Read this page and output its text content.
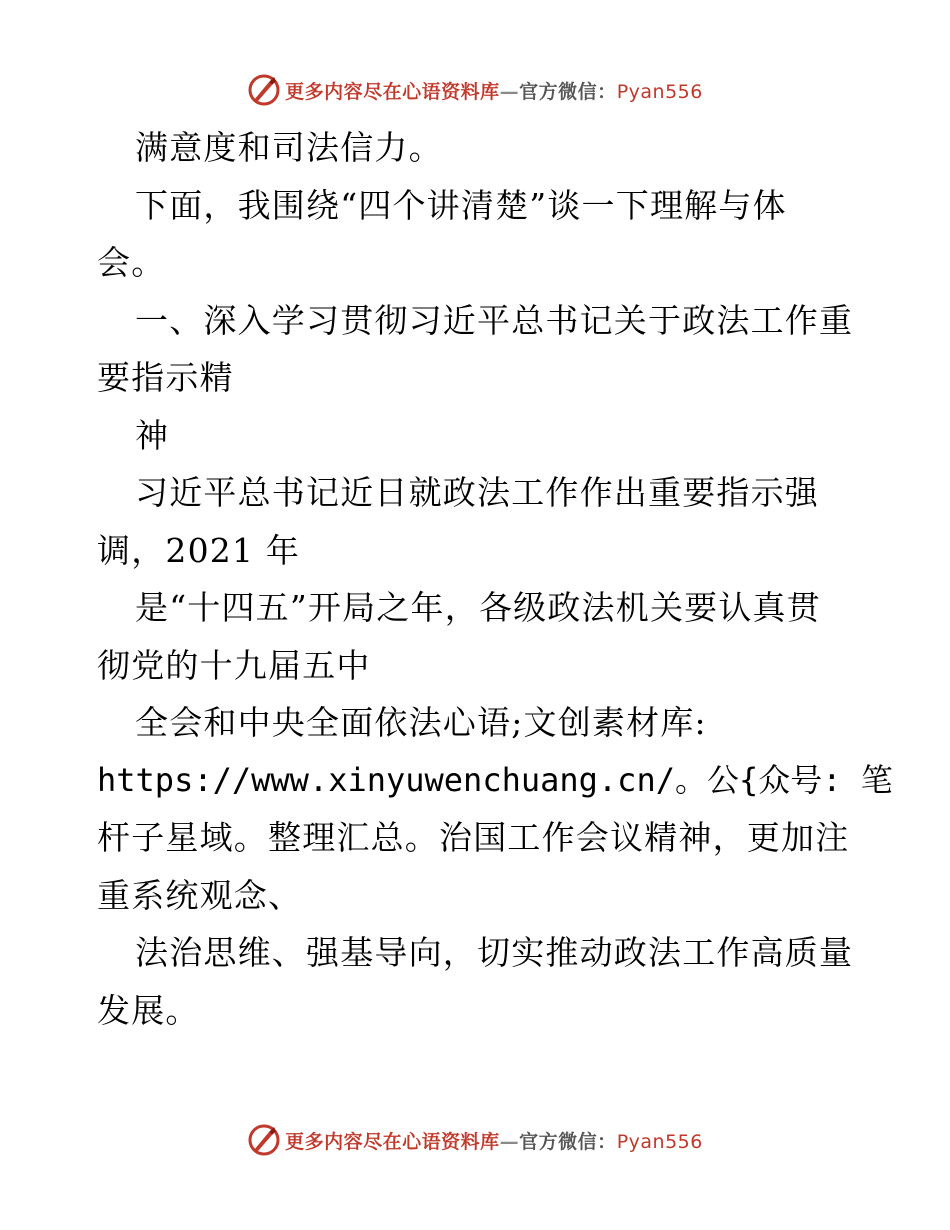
更多内容尽在心语资料库—官方微信：Pyan556
满意度和司法信力。
下面，我围绕“四个讲清楚”谈一下理解与体
会。
一、深入学习贯彻习近平总书记关于政法工作重
要指示精
神
习近平总书记近日就政法工作作出重要指示强
调，2021 年
是“十四五”开局之年，各级政法机关要认真贯
彻党的十九届五中
全会和中央全面依法心语;文创素材库:
https://www.xinyuwenchuang.cn/。公{众号: 笔
杆子星域。整理汇总。治国工作会议精神，更加注
重系统观念、
法治思维、强基导向，切实推动政法工作高质量
发展。
更多内容尽在心语资料库—官方微信：Pyan556
